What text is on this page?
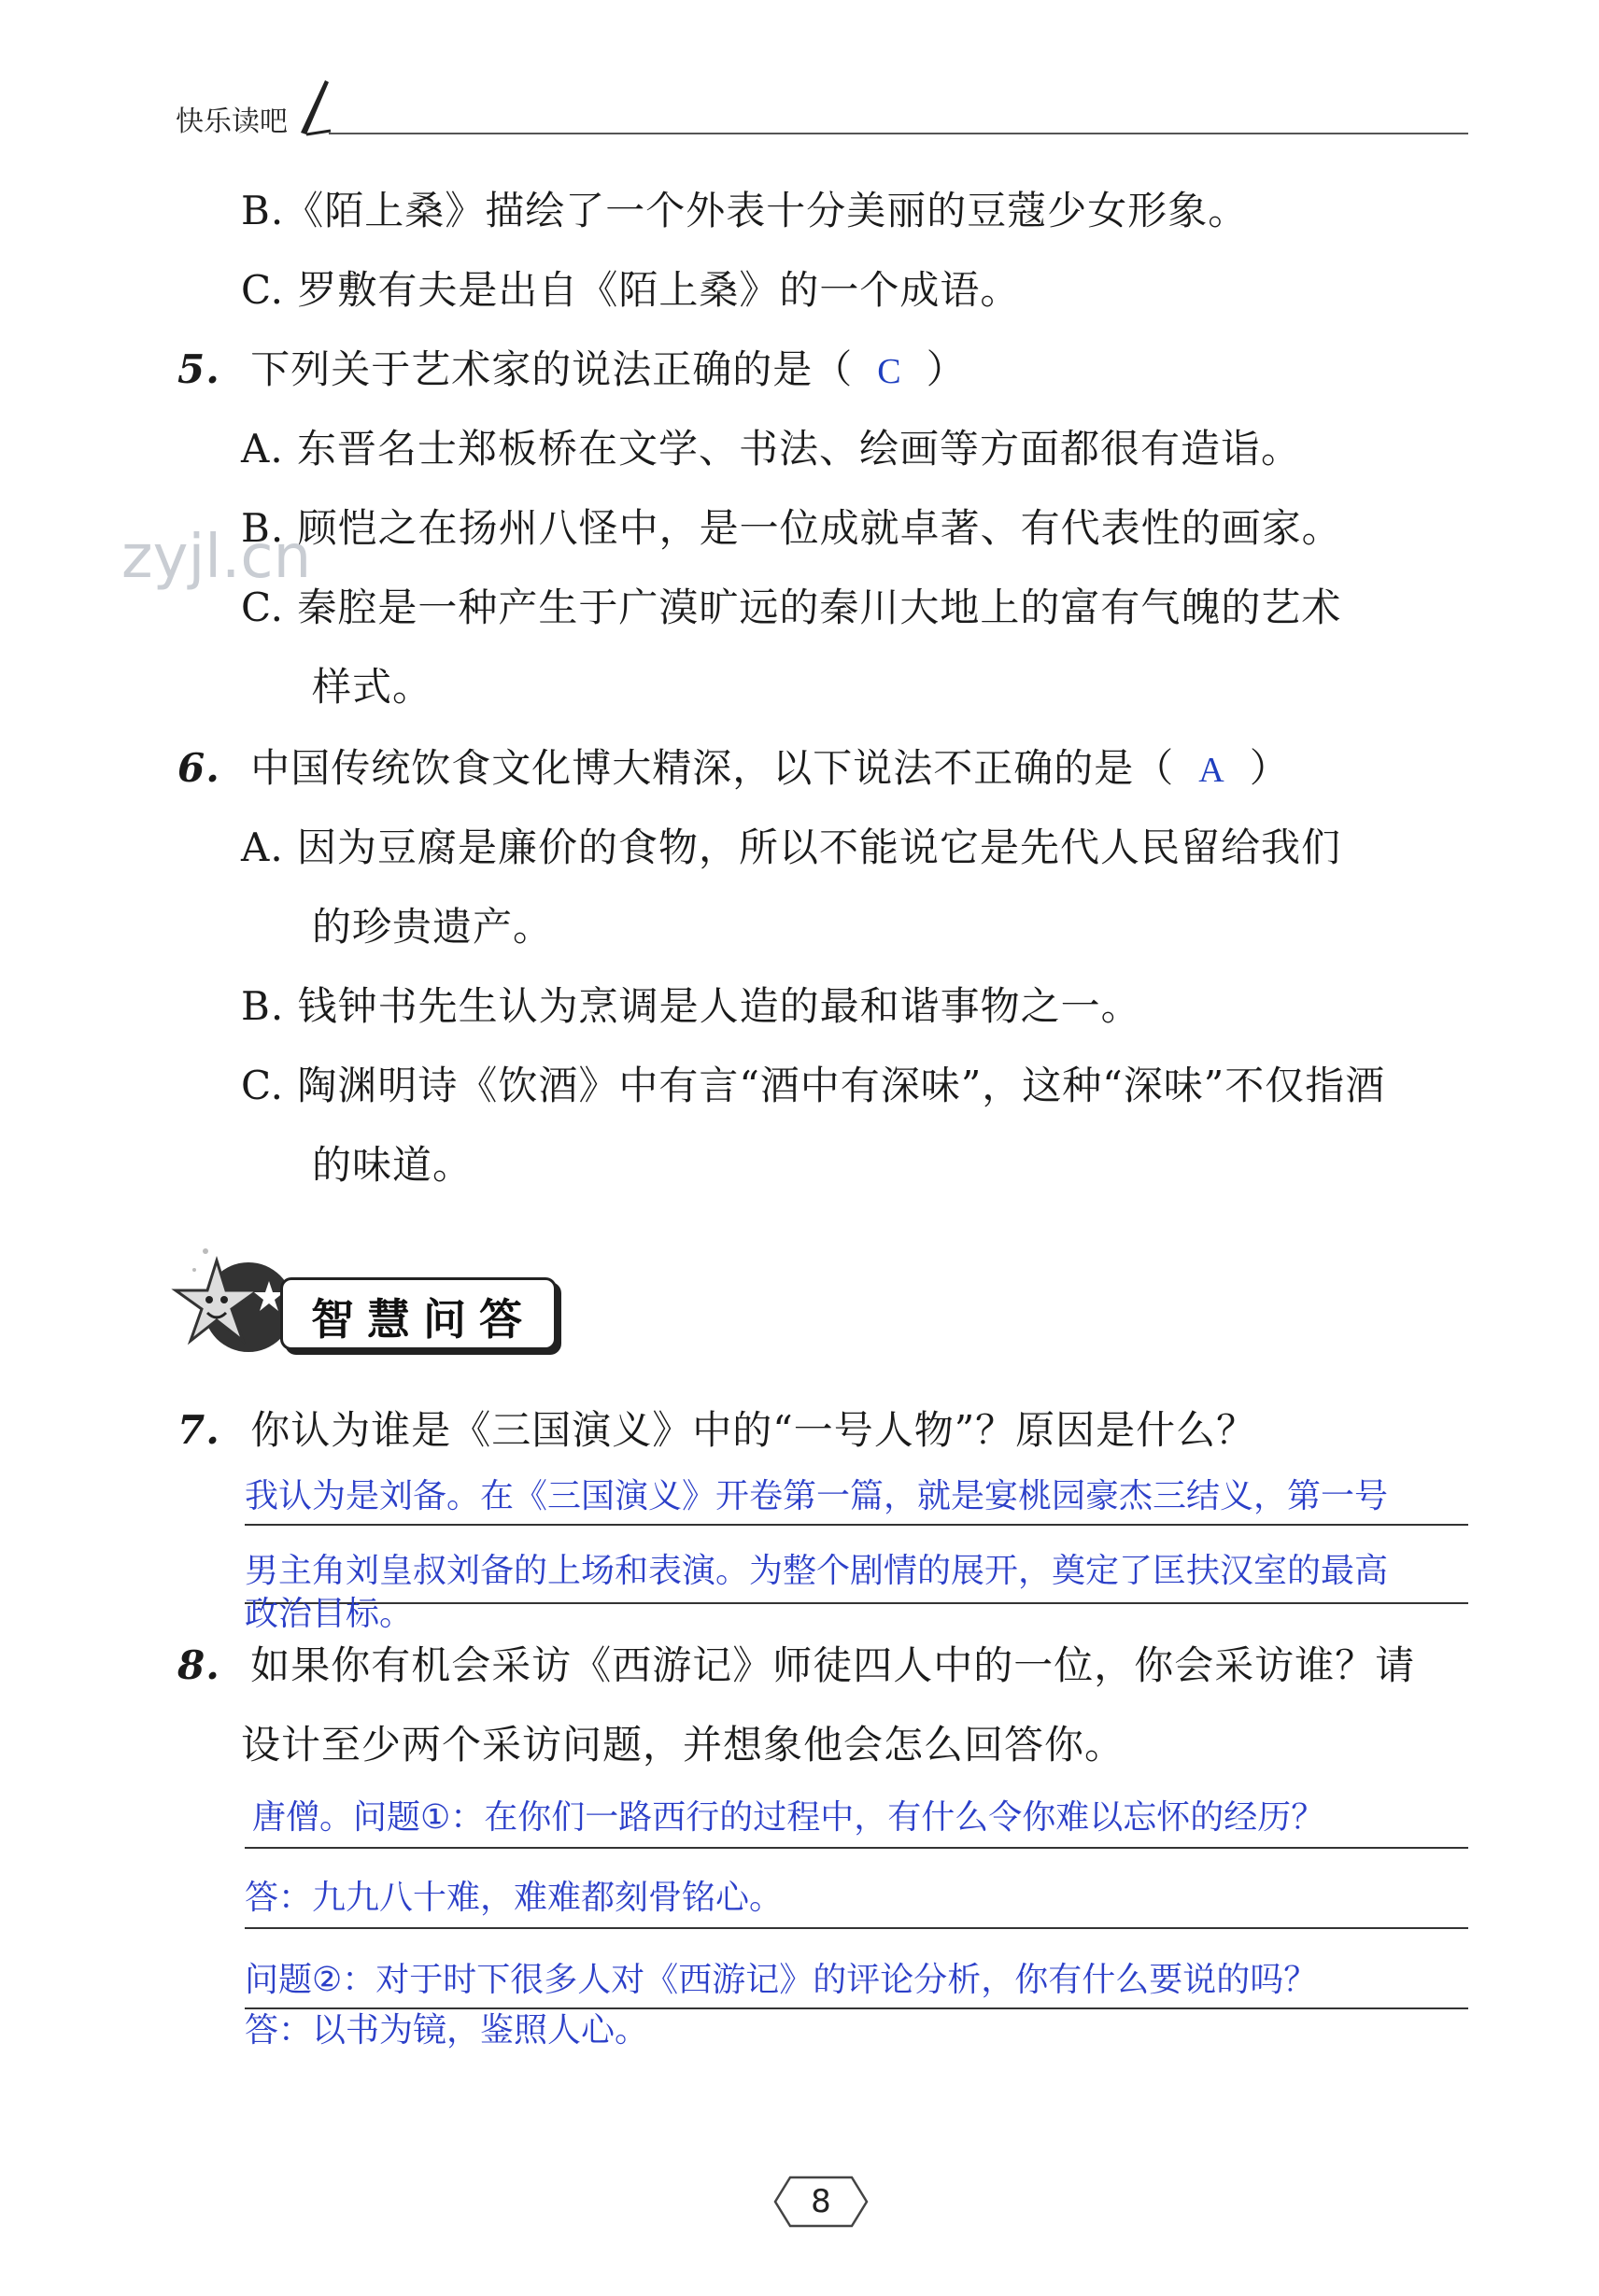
快乐读吧
zyjl.cn
B.《陌上桑》描绘了一个外表十分美丽的豆蔻少女形象。
C. 罗敷有夫是出自《陌上桑》的一个成语。
5. 下列关于艺术家的说法正确的是（ C ）
A. 东晋名士郑板桥在文学、书法、绘画等方面都很有造诣。
B. 顾恺之在扬州八怪中，是一位成就卓著、有代表性的画家。
C. 秦腔是一种产生于广漠旷远的秦川大地上的富有气魄的艺术
样式。
6. 中国传统饮食文化博大精深，以下说法不正确的是（ A ）
A. 因为豆腐是廉价的食物，所以不能说它是先代人民留给我们
的珍贵遗产。
B. 钱钟书先生认为烹调是人造的最和谐事物之一。
C. 陶渊明诗《饮酒》中有言“酒中有深味”，这种“深味”不仅指酒
的味道。
智慧问答
7. 你认为谁是《三国演义》中的“一号人物”？原因是什么？
我认为是刘备。在《三国演义》开卷第一篇，就是宴桃园豪杰三结义，第一号
男主角刘皇叔刘备的上场和表演。为整个剧情的展开，奠定了匡扶汉室的最高
政治目标。
8. 如果你有机会采访《西游记》师徒四人中的一位，你会采访谁？请
设计至少两个采访问题，并想象他会怎么回答你。
唐僧。问题①：在你们一路西行的过程中，有什么令你难以忘怀的经历？
答：九九八十难，难难都刻骨铭心。
问题②：对于时下很多人对《西游记》的评论分析，你有什么要说的吗？
答：以书为镜，鉴照人心。
8
